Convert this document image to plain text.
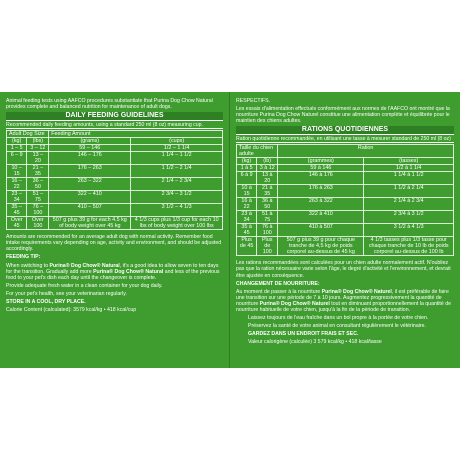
Animal feeding tests using AAFCO procedures substantiate that Purina Dog Chow Natural provides complete and balanced nutrition for maintenance of adult dogs.

DAILY FEEDING GUIDELINES
Recommended daily feeding amounts, using a standard 250 ml (8 oz) measuring cup.
Adult Dog Size		Feeding Amount	
(kg)	(lbs)	(grams)	(cups)
1 – 5	3 – 12	59 – 146	1/2 – 1 1/4
6 – 9	13 – 20	146 – 176	1 1/4 – 1 1/2
10 – 15	21 – 35	176 – 263	1 1/2 – 2 1/4
16 – 22	36 – 50	263 – 322	2 1/4 – 2 3/4
23 – 34	51 – 75	322 – 410	2 3/4 – 3 1/2
35 – 45	76 – 100	410 – 507	3 1/2 – 4 1/3
Over 45	Over 100	507 g plus 39 g for each 4.5 kg of body weight over 45 kg	4 1/3 cups plus 1/3 cup for each 10 lbs of body weight over 100 lbs

Amounts are recommended for an average adult dog with normal activity. Remember food intake requirements vary depending on age, activity and environment, and should be adjusted accordingly.

FEEDING TIP:

When switching to Purina® Dog Chow® Natural, it's a good idea to allow seven to ten days for the transition. Gradually add more Purina® Dog Chow® Natural and less of the previous food to your pet's dish each day until the changeover is complete.

Provide adequate fresh water in a clean container for your dog daily.

For your pet's health, see your veterinarian regularly.

STORE IN A COOL, DRY PLACE.

Calorie Content (calculated): 3579 kcal/kg • 418 kcal/cup

RESPECTIFS.

Les essais d'alimentation effectués conformément aux normes de l'AAFCO ont montré que la nourriture Purina Dog Chow Naturel constitue une alimentation complète et équilibrée pour le maintien des chiens adultes.

RATIONS QUOTIDIENNES
Ration quotidienne recommandée, en utilisant une tasse à mesurer standard de 250 ml (8 oz)
Taille du chien adulte		Ration	
(kg)	(lb)	(grammes)	(tasses)
1 à 5	3 à 12	59 à 146	1/2 à 1 1/4
6 à 9	13 à 20	146 à 176	1 1/4 à 1 1/2
10 à 15	21 à 35	176 à 263	1 1/2 à 2 1/4
16 à 22	36 à 50	263 à 322	2 1/4 à 2 3/4
23 à 34	51 à 75	322 à 410	2 3/4 à 3 1/2
35 à 45	76 à 100	410 à 507	3 1/2 à 4 1/3
Plus de 45	Plus de 100	507 g plus 39 g pour chaque tranche de 4,5 kg de poids corporel au-dessus de 45 kg	4 1/3 tasses plus 1/3 tasse pour chaque tranche de 10 lb de poids corporel au-dessus de 100 lb

Les rations recommandées sont calculées pour un chien adulte normalement actif. N'oubliez pas que la ration nécessaire varie selon l'âge, le degré d'activité et l'environnement, et devrait être ajustée en conséquence.

CHANGEMENT DE NOURRITURE:

Au moment de passer à la nourriture Purina® Dog Chow® Naturel, il est préférable de faire une transition sur une période de 7 à 10 jours. Augmentez progressivement la quantité de nourriture Purina® Dog Chow® Naturel tout en diminuant proportionnellement la quantité de nourriture habituelle de votre chien, jusqu'à la fin de la période de transition.

Laissez toujours de l'eau fraîche dans un bol propre à la portée de votre chien.

Préservez la santé de votre animal en consultant régulièrement le vétérinaire.

GARDEZ DANS UN ENDROIT FRAIS ET SEC.

Valeur calorigène (calculée) 3 579 kcal/kg • 418 kcal/tasse
